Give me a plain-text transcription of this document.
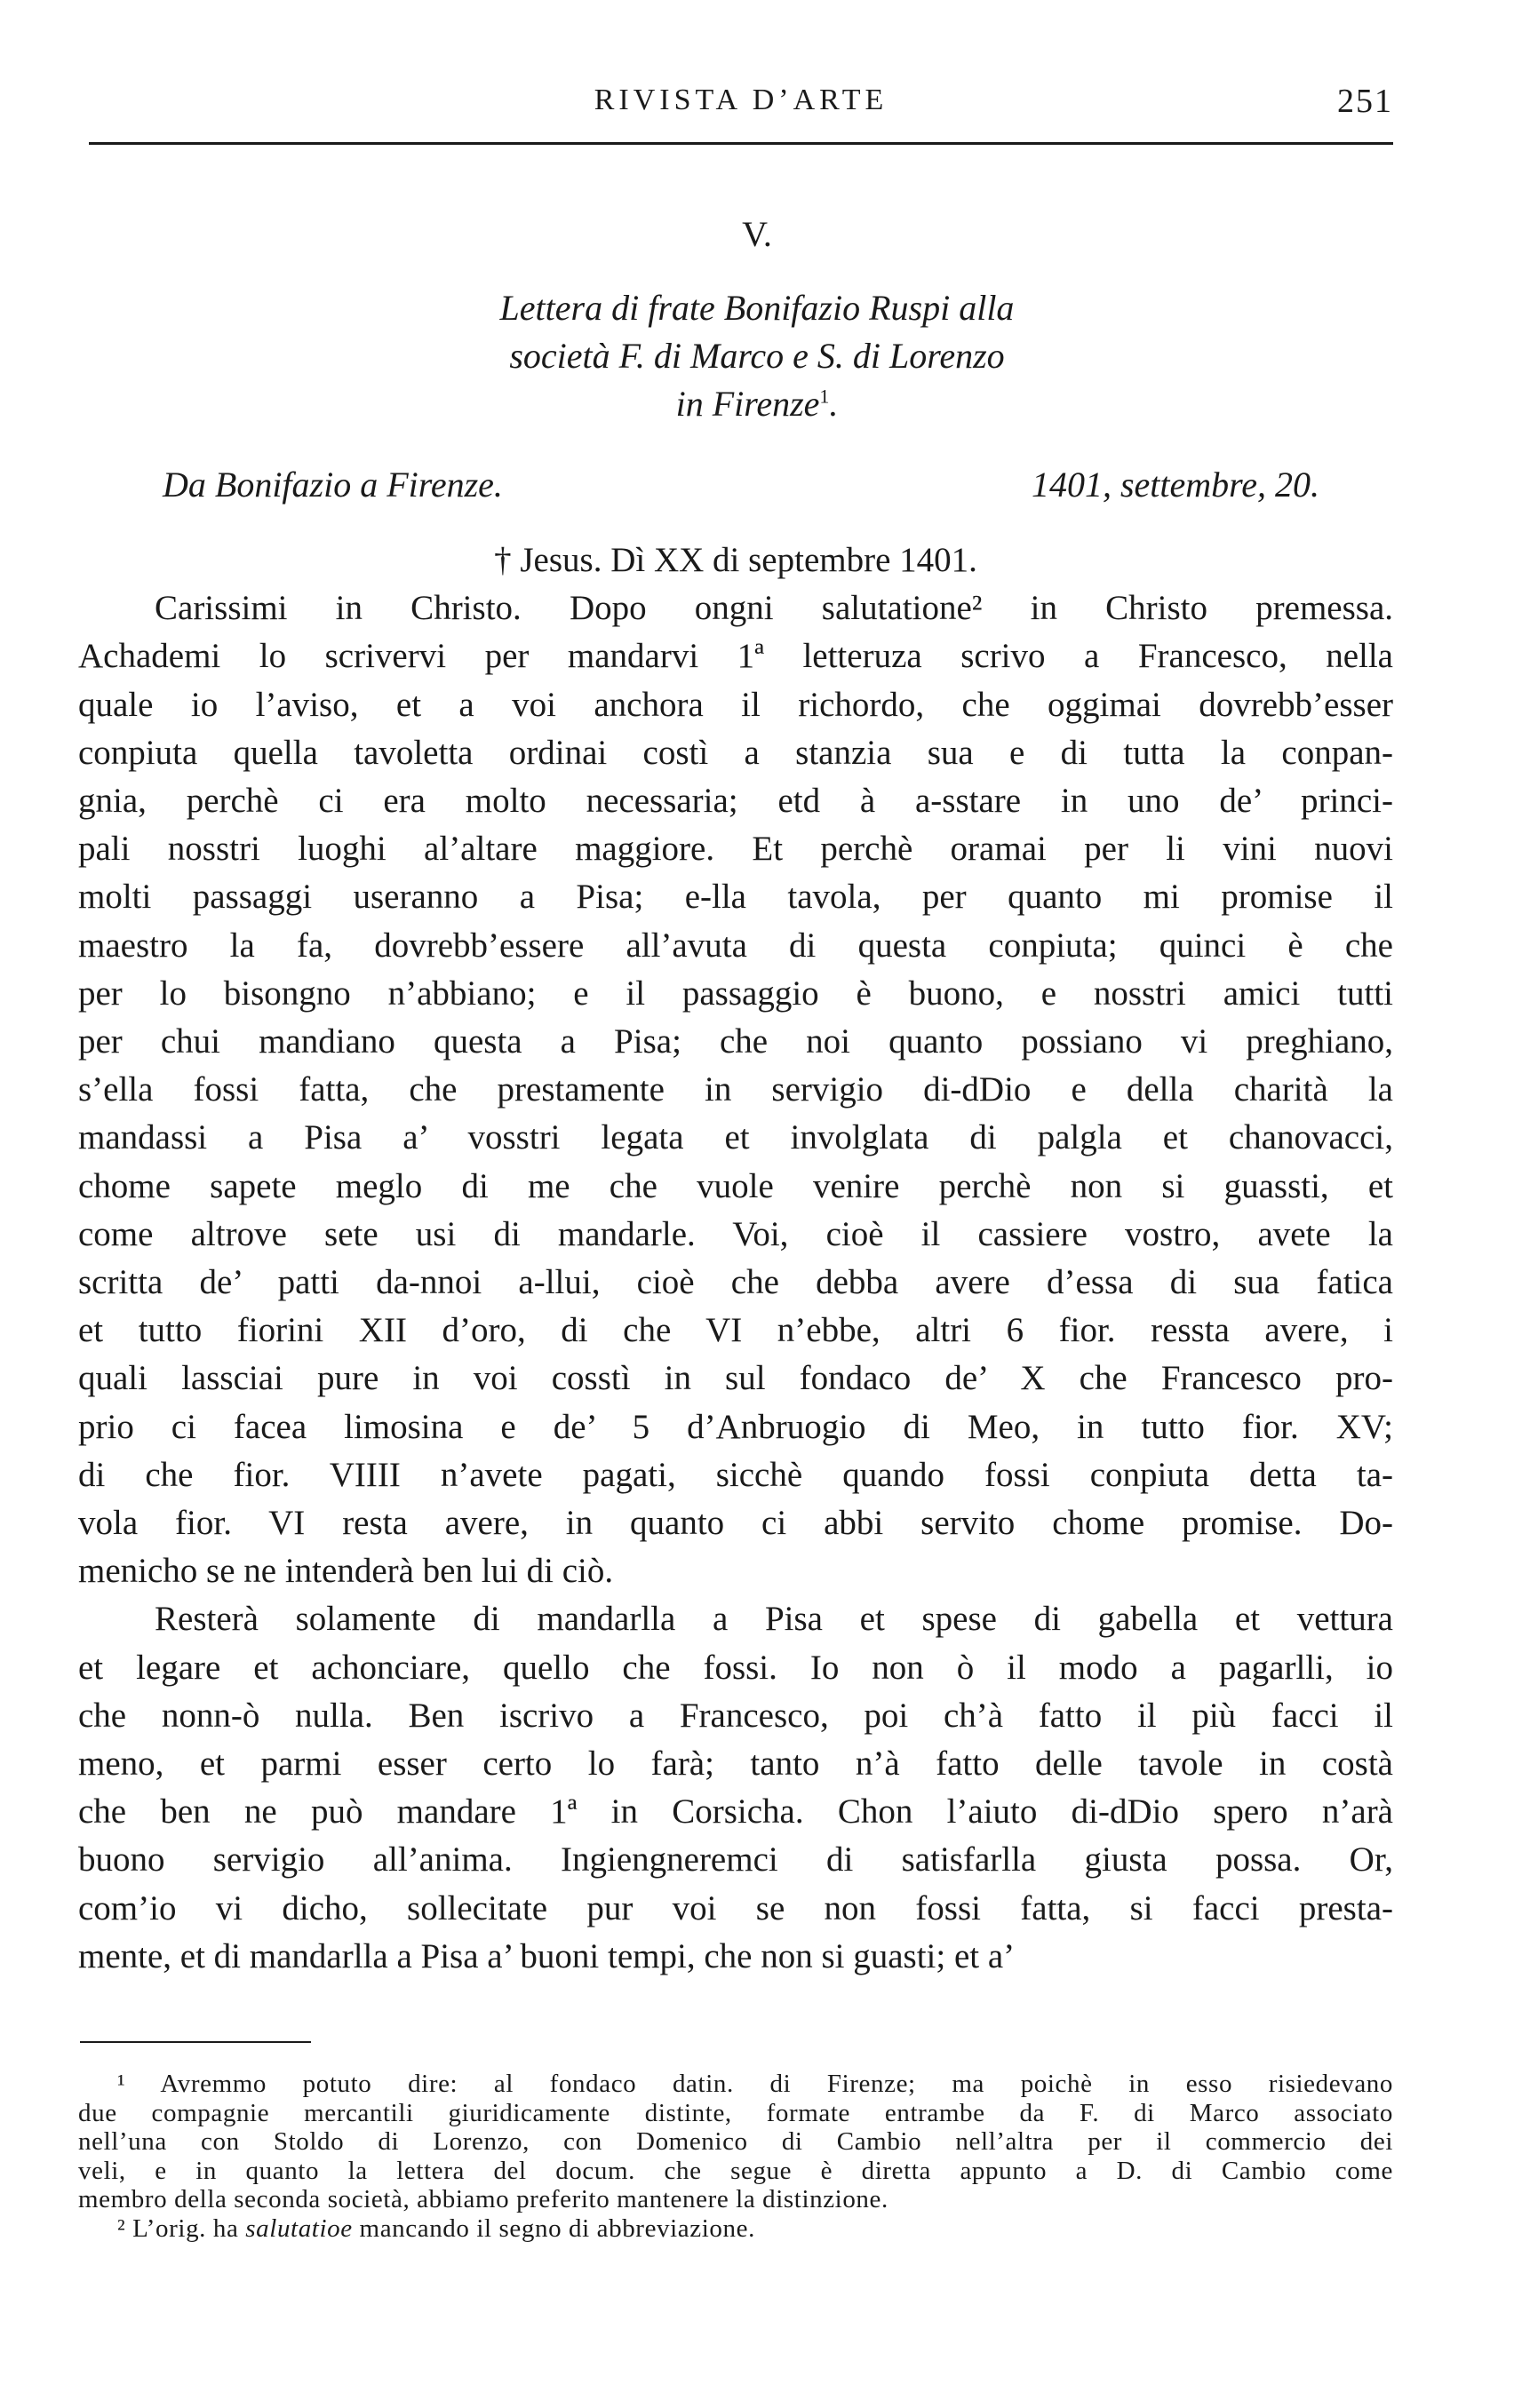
RIVISTA D’ARTE	251
V.
Lettera di frate Bonifazio Ruspi alla
società F. di Marco e S. di Lorenzo
in Firenze$^1$.
Da Bonifazio a Firenze.	1401, settembre, 20.
† Jesus. Dì XX di septembre 1401.
Carissimi in Christo. Dopo ongni salutatione² in Christo premessa.
Achademi lo scrivervi per mandarvi 1ª letteruza scrivo a Francesco, nella
quale io l’aviso, et a voi anchora il richordo, che oggimai dovrebb’esser
conpiuta quella tavoletta ordinai costì a stanzia sua e di tutta la conpan-
gnia, perchè ci era molto necessaria; etd à a-sstare in uno de’ princi-
pali nosstri luoghi al’altare maggiore. Et perchè oramai per li vini nuovi
molti passaggi useranno a Pisa; e-lla tavola, per quanto mi promise il
maestro la fa, dovrebb’essere all’avuta di questa conpiuta; quinci è che
per lo bisongno n’abbiano; e il passaggio è buono, e nosstri amici tutti
per chui mandiano questa a Pisa; che noi quanto possiano vi preghiano,
s’ella fossi fatta, che prestamente in servigio di-dDio e della charità la
mandassi a Pisa a’ vosstri legata et involglata di palgla et chanovacci,
chome sapete meglo di me che vuole venire perchè non si guassti, et
come altrove sete usi di mandarle. Voi, cioè il cassiere vostro, avete la
scritta de’ patti da-nnoi a-llui, cioè che debba avere d’essa di sua fatica
et tutto fiorini XII d’oro, di che VI n’ebbe, altri 6 fior. ressta avere, i
quali lassciai pure in voi cosstì in sul fondaco de’ X che Francesco pro-
prio ci facea limosina e de’ 5 d’Anbruogio di Meo, in tutto fior. XV;
di che fior. VIIII n’avete pagati, sicchè quando fossi conpiuta detta ta-
vola fior. VI resta avere, in quanto ci abbi servito chome promise. Do-
menicho se ne intenderà ben lui di ciò.
Resterà solamente di mandarlla a Pisa et spese di gabella et vettura
et legare et achonciare, quello che fossi. Io non ò il modo a pagarlli, io
che nonn-ò nulla. Ben iscrivo a Francesco, poi ch’à fatto il più facci il
meno, et parmi esser certo lo farà; tanto n’à fatto delle tavole in costà
che ben ne può mandare 1ª in Corsicha. Chon l’aiuto di-dDio spero n’arà
buono servigio all’anima. Ingiengneremci di satisfarlla giusta possa. Or,
com’io vi dicho, sollecitate pur voi se non fossi fatta, si facci presta-
mente, et di mandarlla a Pisa a’ buoni tempi, che non si guasti; et a’
¹ Avremmo potuto dire: al fondaco datin. di Firenze; ma poichè in esso risiedevano
due compagnie mercantili giuridicamente distinte, formate entrambe da F. di Marco associato
nell’una con Stoldo di Lorenzo, con Domenico di Cambio nell’altra per il commercio dei
veli, e in quanto la lettera del docum. che segue è diretta appunto a D. di Cambio come
membro della seconda società, abbiamo preferito mantenere la distinzione.
² L’orig. ha salutatioe mancando il segno di abbreviazione.
